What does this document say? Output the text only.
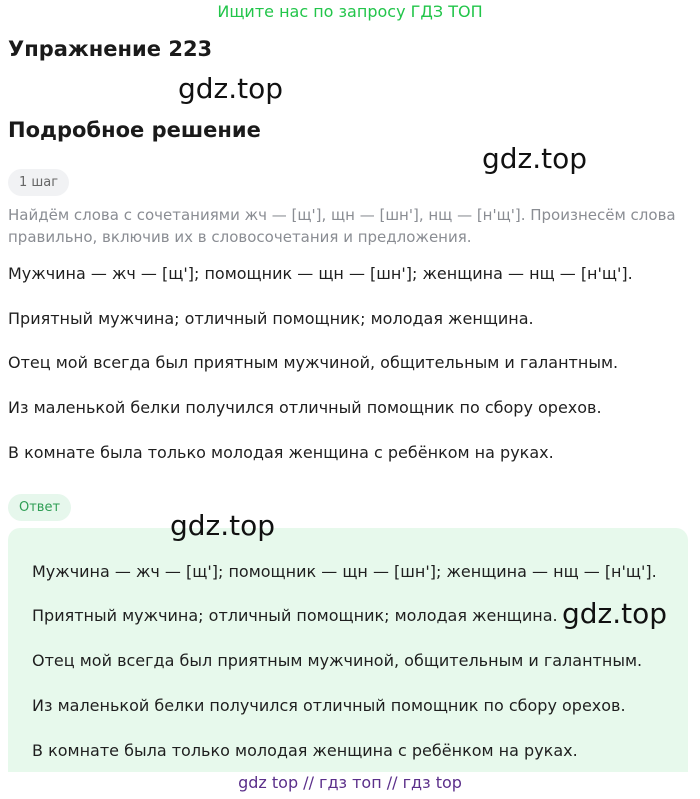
Ищите нас по запросу ГДЗ ТОП
Упражнение 223
gdz.top
Подробное решение
gdz.top
1 шаг
Найдём слова с сочетаниями жч — [щ'], щн — [шн'], нщ — [н'щ']. Произнесём слова правильно, включив их в словосочетания и предложения.
Мужчина — жч — [щ']; помощник — щн — [шн']; женщина — нщ — [н'щ'].
Приятный мужчина; отличный помощник; молодая женщина.
Отец мой всегда был приятным мужчиной, общительным и галантным.
Из маленькой белки получился отличный помощник по сбору орехов.
В комнате была только молодая женщина с ребёнком на руках.
Ответ
gdz.top
Мужчина — жч — [щ']; помощник — щн — [шн']; женщина — нщ — [н'щ'].
Приятный мужчина; отличный помощник; молодая женщина. gdz.top
Отец мой всегда был приятным мужчиной, общительным и галантным.
Из маленькой белки получился отличный помощник по сбору орехов.
В комнате была только молодая женщина с ребёнком на руках.
gdz top // гдз топ // гдз top
